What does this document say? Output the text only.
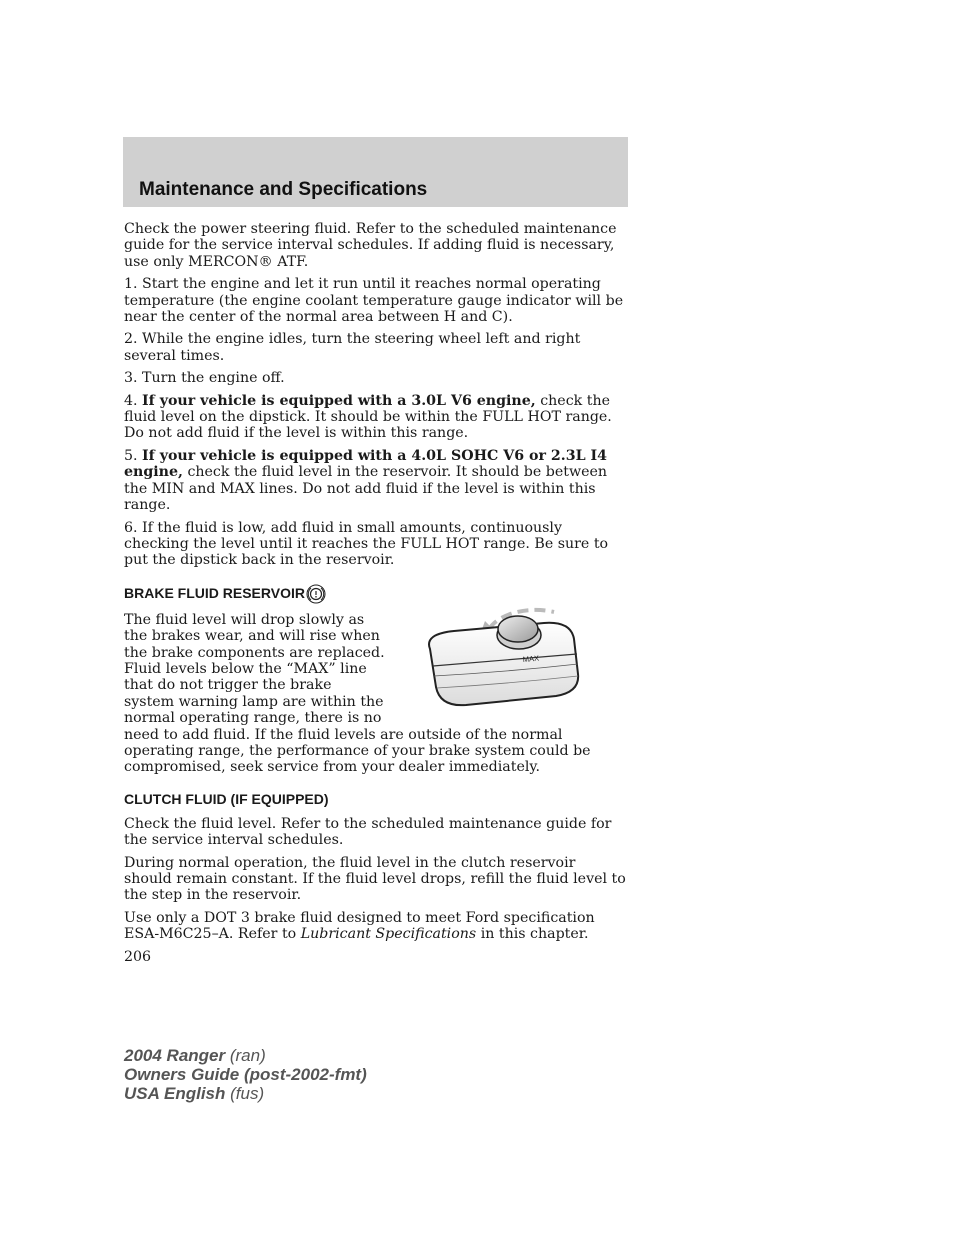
Maintenance and Specifications

Check the power steering fluid. Refer to the scheduled maintenance guide for the service interval schedules. If adding fluid is necessary, use only MERCON® ATF.

1. Start the engine and let it run until it reaches normal operating temperature (the engine coolant temperature gauge indicator will be near the center of the normal area between H and C).

2. While the engine idles, turn the steering wheel left and right several times.

3. Turn the engine off.

4. If your vehicle is equipped with a 3.0L V6 engine, check the fluid level on the dipstick. It should be within the FULL HOT range. Do not add fluid if the level is within this range.

5. If your vehicle is equipped with a 4.0L SOHC V6 or 2.3L I4 engine, check the fluid level in the reservoir. It should be between the MIN and MAX lines. Do not add fluid if the level is within this range.

6. If the fluid is low, add fluid in small amounts, continuously checking the level until it reaches the FULL HOT range. Be sure to put the dipstick back in the reservoir.

BRAKE FLUID RESERVOIR
MAX

The fluid level will drop slowly as the brakes wear, and will rise when the brake components are replaced. Fluid levels below the “MAX” line that do not trigger the brake system warning lamp are within the normal operating range, there is no need to add fluid. If the fluid levels are outside of the normal operating range, the performance of your brake system could be compromised, seek service from your dealer immediately.

CLUTCH FLUID (IF EQUIPPED)

Check the fluid level. Refer to the scheduled maintenance guide for the service interval schedules.

During normal operation, the fluid level in the clutch reservoir should remain constant. If the fluid level drops, refill the fluid level to the step in the reservoir.

Use only a DOT 3 brake fluid designed to meet Ford specification ESA-M6C25–A. Refer to Lubricant Specifications in this chapter.

206

2004 Ranger (ran)
Owners Guide (post-2002-fmt)
USA English (fus)
